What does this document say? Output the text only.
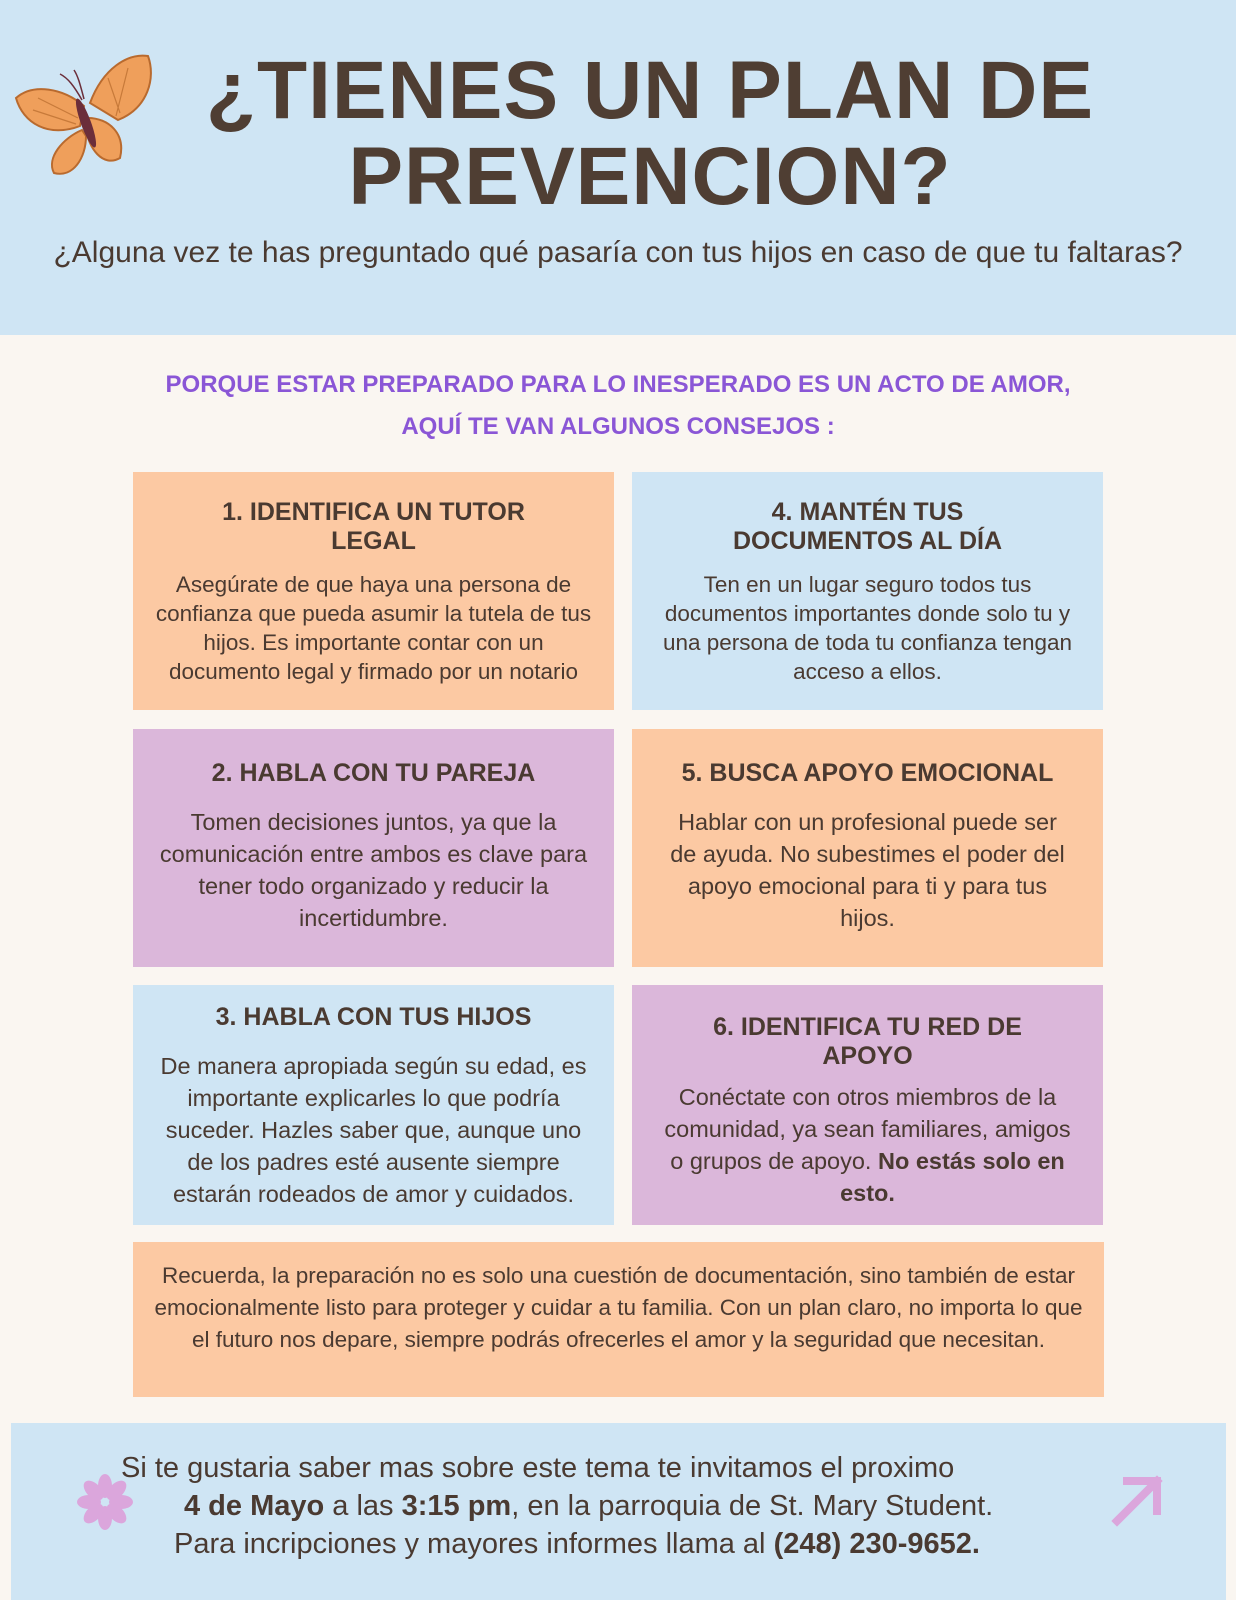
¿TIENES UN PLAN DE
PREVENCION?
¿Alguna vez te has preguntado qué pasaría con tus hijos en caso de que tu faltaras?
PORQUE ESTAR PREPARADO PARA LO INESPERADO ES UN ACTO DE AMOR,
AQUÍ TE VAN ALGUNOS CONSEJOS :
1. IDENTIFICA UN TUTOR LEGAL
Asegúrate de que haya una persona de confianza que pueda asumir la tutela de tus hijos. Es importante contar con un documento legal y firmado por un notario
2. HABLA CON TU PAREJA
Tomen decisiones juntos, ya que la comunicación entre ambos es clave para tener todo organizado y reducir la incertidumbre.
3. HABLA CON TUS HIJOS
De manera apropiada según su edad, es importante explicarles lo que podría suceder. Hazles saber que, aunque uno de los padres esté ausente siempre estarán rodeados de amor y cuidados.
4. MANTÉN TUS DOCUMENTOS AL DÍA
Ten en un lugar seguro todos tus documentos importantes donde solo tu y una persona de toda tu confianza tengan acceso a ellos.
5. BUSCA APOYO EMOCIONAL
Hablar con un profesional puede ser de ayuda. No subestimes el poder del apoyo emocional para ti y para tus hijos.
6. IDENTIFICA TU RED DE APOYO
Conéctate con otros miembros de la comunidad, ya sean familiares, amigos o grupos de apoyo. No estás solo en esto.
Recuerda, la preparación no es solo una cuestión de documentación, sino también de estar emocionalmente listo para proteger y cuidar a tu familia. Con un plan claro, no importa lo que el futuro nos depare, siempre podrás ofrecerles el amor y la seguridad que necesitan.
Si te gustaria saber mas sobre este tema te invitamos el proximo
4 de Mayo a las 3:15 pm, en la parroquia de St. Mary Student.
Para incripciones y mayores informes llama al (248) 230-9652.
